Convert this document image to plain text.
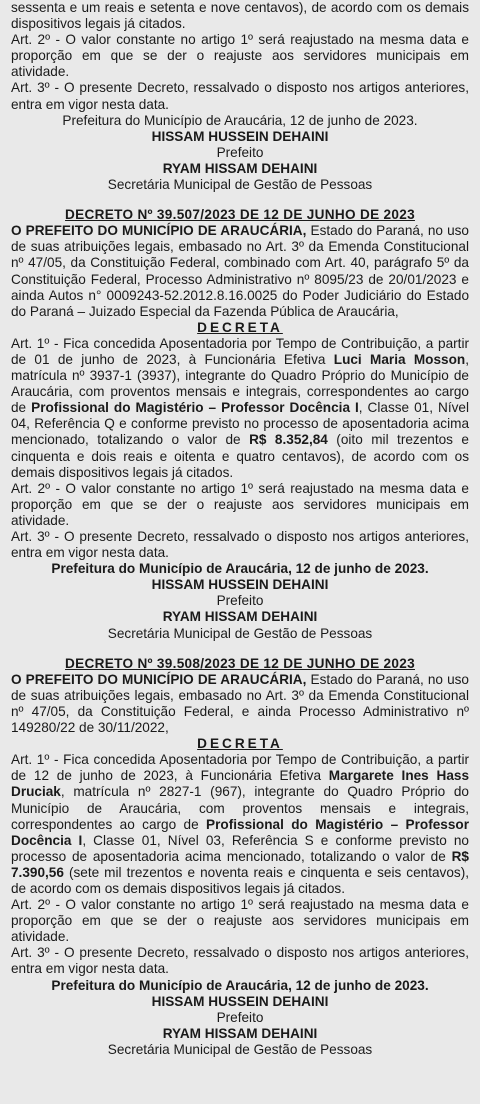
sessenta e um reais e setenta e nove centavos), de acordo com os demais dispositivos legais já citados.

Art. 2º - O valor constante no artigo 1º será reajustado na mesma data e proporção em que se der o reajuste aos servidores municipais em atividade.

Art. 3º - O presente Decreto, ressalvado o disposto nos artigos anteriores, entra em vigor nesta data.

Prefeitura do Município de Araucária, 12 de junho de 2023.

HISSAM HUSSEIN DEHAINI

Prefeito

RYAM HISSAM DEHAINI

Secretária Municipal de Gestão de Pessoas

DECRETO Nº 39.507/2023 DE 12 DE JUNHO DE 2023

O PREFEITO DO MUNICÍPIO DE ARAUCÁRIA, Estado do Paraná, no uso de suas atribuições legais, embasado no Art. 3º da Emenda Constitucional nº 47/05, da Constituição Federal, combinado com Art. 40, parágrafo 5º da Constituição Federal, Processo Administrativo nº 8095/23 de 20/01/2023 e ainda Autos n° 0009243-52.2012.8.16.0025 do Poder Judiciário do Estado do Paraná – Juizado Especial da Fazenda Pública de Araucária,

DECRETA

Art. 1º - Fica concedida Aposentadoria por Tempo de Contribuição, a partir de 01 de junho de 2023, à Funcionária Efetiva Luci Maria Mosson, matrícula nº 3937-1 (3937), integrante do Quadro Próprio do Município de Araucária, com proventos mensais e integrais, correspondentes ao cargo de Profissional do Magistério – Professor Docência I, Classe 01, Nível 04, Referência Q e conforme previsto no processo de aposentadoria acima mencionado, totalizando o valor de R$ 8.352,84 (oito mil trezentos e cinquenta e dois reais e oitenta e quatro centavos), de acordo com os demais dispositivos legais já citados.

Art. 2º - O valor constante no artigo 1º será reajustado na mesma data e proporção em que se der o reajuste aos servidores municipais em atividade.

Art. 3º - O presente Decreto, ressalvado o disposto nos artigos anteriores, entra em vigor nesta data.

Prefeitura do Município de Araucária, 12 de junho de 2023.

HISSAM HUSSEIN DEHAINI

Prefeito

RYAM HISSAM DEHAINI

Secretária Municipal de Gestão de Pessoas

DECRETO Nº 39.508/2023 DE 12 DE JUNHO DE 2023

O PREFEITO DO MUNICÍPIO DE ARAUCÁRIA, Estado do Paraná, no uso de suas atribuições legais, embasado no Art. 3º da Emenda Constitucional nº 47/05, da Constituição Federal, e ainda Processo Administrativo nº 149280/22 de 30/11/2022,

DECRETA

Art. 1º - Fica concedida Aposentadoria por Tempo de Contribuição, a partir de 12 de junho de 2023, à Funcionária Efetiva Margarete Ines Hass Druciak, matrícula nº 2827-1 (967), integrante do Quadro Próprio do Município de Araucária, com proventos mensais e integrais, correspondentes ao cargo de Profissional do Magistério – Professor Docência I, Classe 01, Nível 03, Referência S e conforme previsto no processo de aposentadoria acima mencionado, totalizando o valor de R$ 7.390,56 (sete mil trezentos e noventa reais e cinquenta e seis centavos), de acordo com os demais dispositivos legais já citados.

Art. 2º - O valor constante no artigo 1º será reajustado na mesma data e proporção em que se der o reajuste aos servidores municipais em atividade.

Art. 3º - O presente Decreto, ressalvado o disposto nos artigos anteriores, entra em vigor nesta data.

Prefeitura do Município de Araucária, 12 de junho de 2023.

HISSAM HUSSEIN DEHAINI

Prefeito

RYAM HISSAM DEHAINI

Secretária Municipal de Gestão de Pessoas
